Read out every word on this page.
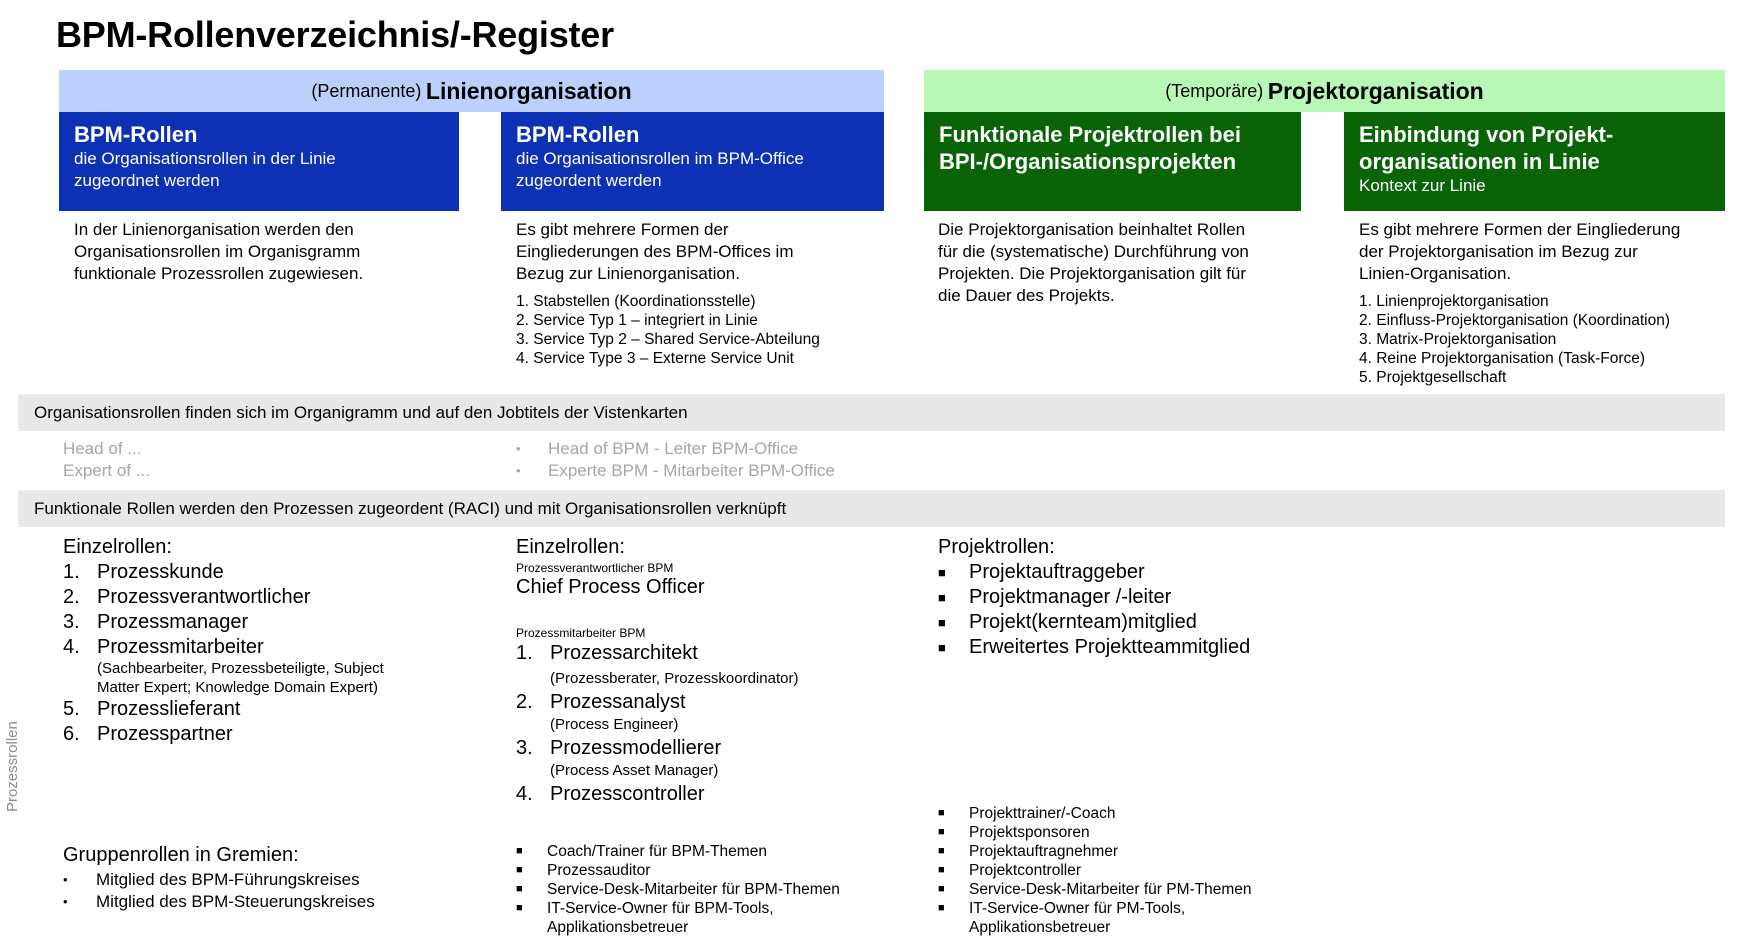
BPM-Rollenverzeichnis/-Register
(Permanente)
Linienorganisation	(Temporäre)
Projektorganisation
BPM-Rollen
die Organisationsrollen in der Linie
zugeordnet werden
In der Linienorganisation werden den
Organisationsrollen im Organisgramm
funktionale Prozessrollen zugewiesen.
BPM-Rollen
die Organisationsrollen im BPM-Office
zugeordent werden
Es gibt mehrere Formen der
Eingliederungen des BPM-Offices im
Bezug zur Linienorganisation.
1. Stabstellen (Koordinationsstelle)
2. Service Typ 1 – integriert in Linie
3. Service Typ 2 – Shared Service-Abteilung
4. Service Type 3 – Externe Service Unit
Funktionale Projektrollen bei
BPI-/Organisationsprojekten
Die Projektorganisation beinhaltet Rollen
für die (systematische) Durchführung von
Projekten. Die Projektorganisation gilt für
die Dauer des Projekts.
Einbindung von Projekt-
organisationen in Linie
Kontext zur Linie
Es gibt mehrere Formen der Eingliederung
der Projektorganisation im Bezug zur
Linien-Organisation.
1. Linienprojektorganisation
2. Einfluss-Projektorganisation (Koordination)
3. Matrix-Projektorganisation
4. Reine Projektorganisation (Task-Force)
5. Projektgesellschaft
Organisationsrollen finden sich im Organigramm und auf den Jobtitels der Vistenkarten
Head of ...
Expert of ...
•	Head of BPM - Leiter BPM-Office
•	Experte BPM - Mitarbeiter BPM-Office
Funktionale Rollen werden den Prozessen zugeordent (RACI) und mit Organisationsrollen verknüpft
Einzelrollen:
1. Prozesskunde
2. Prozessverantwortlicher
3. Prozessmanager
4. Prozessmitarbeiter
(Sachbearbeiter, Prozessbeteiligte, Subject
Matter Expert; Knowledge Domain Expert)
5. Prozesslieferant
6. Prozesspartner
Gruppenrollen in Gremien:
•	Mitglied des BPM-Führungskreises
•	Mitglied des BPM-Steuerungskreises
Einzelrollen:
Prozessverantwortlicher BPM
Chief Process Officer
Prozessmitarbeiter BPM
1. Prozessarchitekt
(Prozessberater, Prozesskoordinator)
2. Prozessanalyst
(Process Engineer)
3. Prozessmodellierer
(Process Asset Manager)
4. Prozesscontroller
■	Coach/Trainer für BPM-Themen
■	Prozessauditor
■	Service-Desk-Mitarbeiter für BPM-Themen
■	IT-Service-Owner für BPM-Tools,
Applikationsbetreuer
Projektrollen:
■	Projektauftraggeber
■	Projektmanager /-leiter
■	Projekt(kernteam)mitglied
■	Erweitertes Projektteammitglied
■	Projekttrainer/-Coach
■	Projektsponsoren
■	Projektauftragnehmer
■	Projektcontroller
■	Service-Desk-Mitarbeiter für PM-Themen
■	IT-Service-Owner für PM-Tools,
Applikationsbetreuer
Prozessrollen
